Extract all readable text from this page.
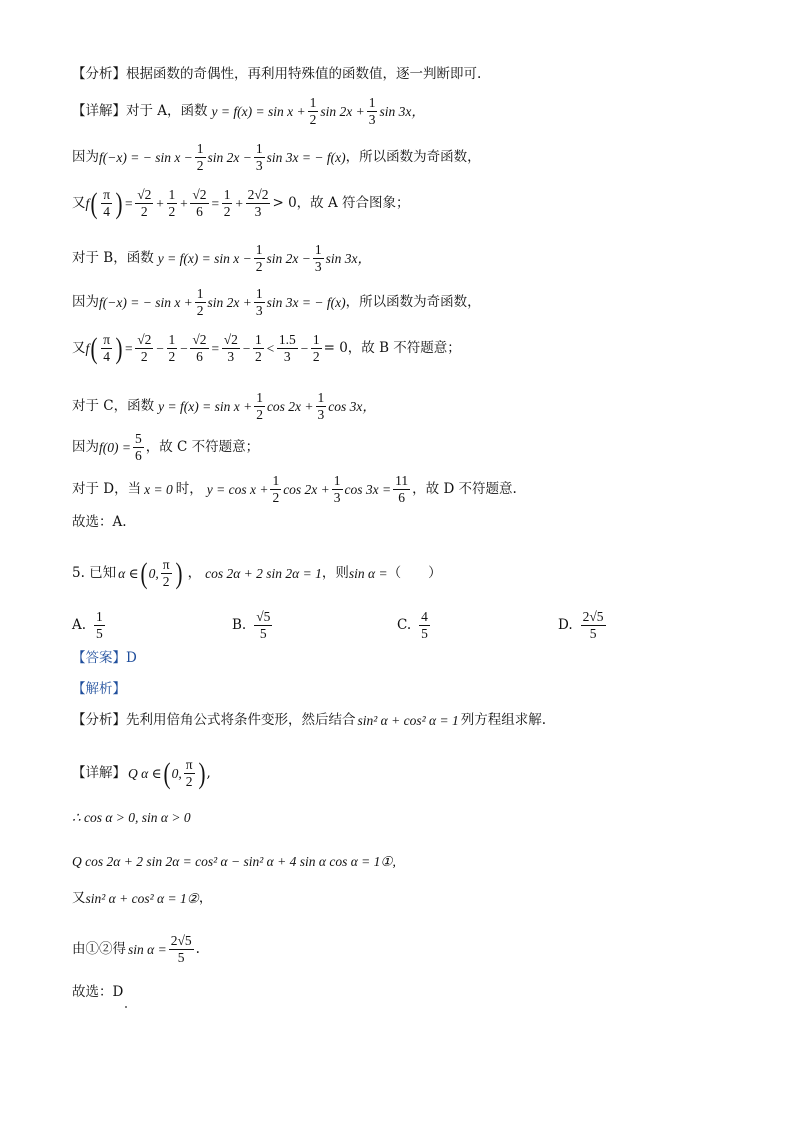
【分析】根据函数的奇偶性，再利用特殊值的函数值，逐一判断即可.
【详解】对于 A，函数 $y = f(x) = \sin x + \frac{1}{2}$ $\sin 2x + \frac{1}{3}$ sin 3x，
因为 f(−x) = − $\sin x - \frac{1}{2}$ $\sin 2x - \frac{1}{3}$ sin 3x = − f(x) ，所以函数为奇函数，
又 f ( $\frac{\pi}{4}$ ) = $\frac{√2}{2} + \frac{1}{2} + \frac{√2}{6} = \frac{1}{2} + \frac{2√2}{3} > 0$，故 A 符合图象；
对于 B，函数 $y = f(x) = \sin x - \frac{1}{2}$ $\sin 2x - \frac{1}{3}$ sin 3x，
因为 f(−x) = − $\sin x + \frac{1}{2}$ $\sin 2x + \frac{1}{3}$ sin 3x = − f(x) ，所以函数为奇函数，
又 f ( $\frac{\pi}{4}$ ) = $\frac{√2}{2} - \frac{1}{2} - \frac{√2}{6} = \frac{√2}{3} - \frac{1}{2} < \frac{1.5}{3} - \frac{1}{2} = 0$，故 B 不符题意；
对于 C，函数 $y = f(x) = \sin x + \frac{1}{2}$ $\cos 2x + \frac{1}{3}$ cos 3x，
因为 $f(0) = \frac{5}{6}$ ，故 C 不符题意；
对于 D，当 x = 0 时， $y = \cos x + \frac{1}{2}$ $\cos 2x + \frac{1}{3}$ $\cos 3x = \frac{11}{6}$ ，故 D 不符题意.
故选：A.
5. 已知 α ∈ ( 0, $\frac{\pi}{2}$ ) ， cos 2α + 2 sin 2α = 1 ，则 sin α = （　　）
A. $\frac{1}{5}$	B. $\frac{√5}{5}$	C. $\frac{4}{5}$	D. $\frac{2√5}{5}$
【答案】D
【解析】
【分析】先利用倍角公式将条件变形，然后结合 sin² α + cos² α = 1 列方程组求解.
【详解】 Q α ∈ ( 0, $\frac{\pi}{2}$ ) ,
∴ cos α > 0, sin α > 0
Q cos 2α + 2 sin 2α = cos² α − sin² α + 4 sin α cos α = 1①,
又 sin² α + cos² α = 1② ，
由①②得 $\sin \alpha = \frac{2√5}{5}$ .
故选：D
